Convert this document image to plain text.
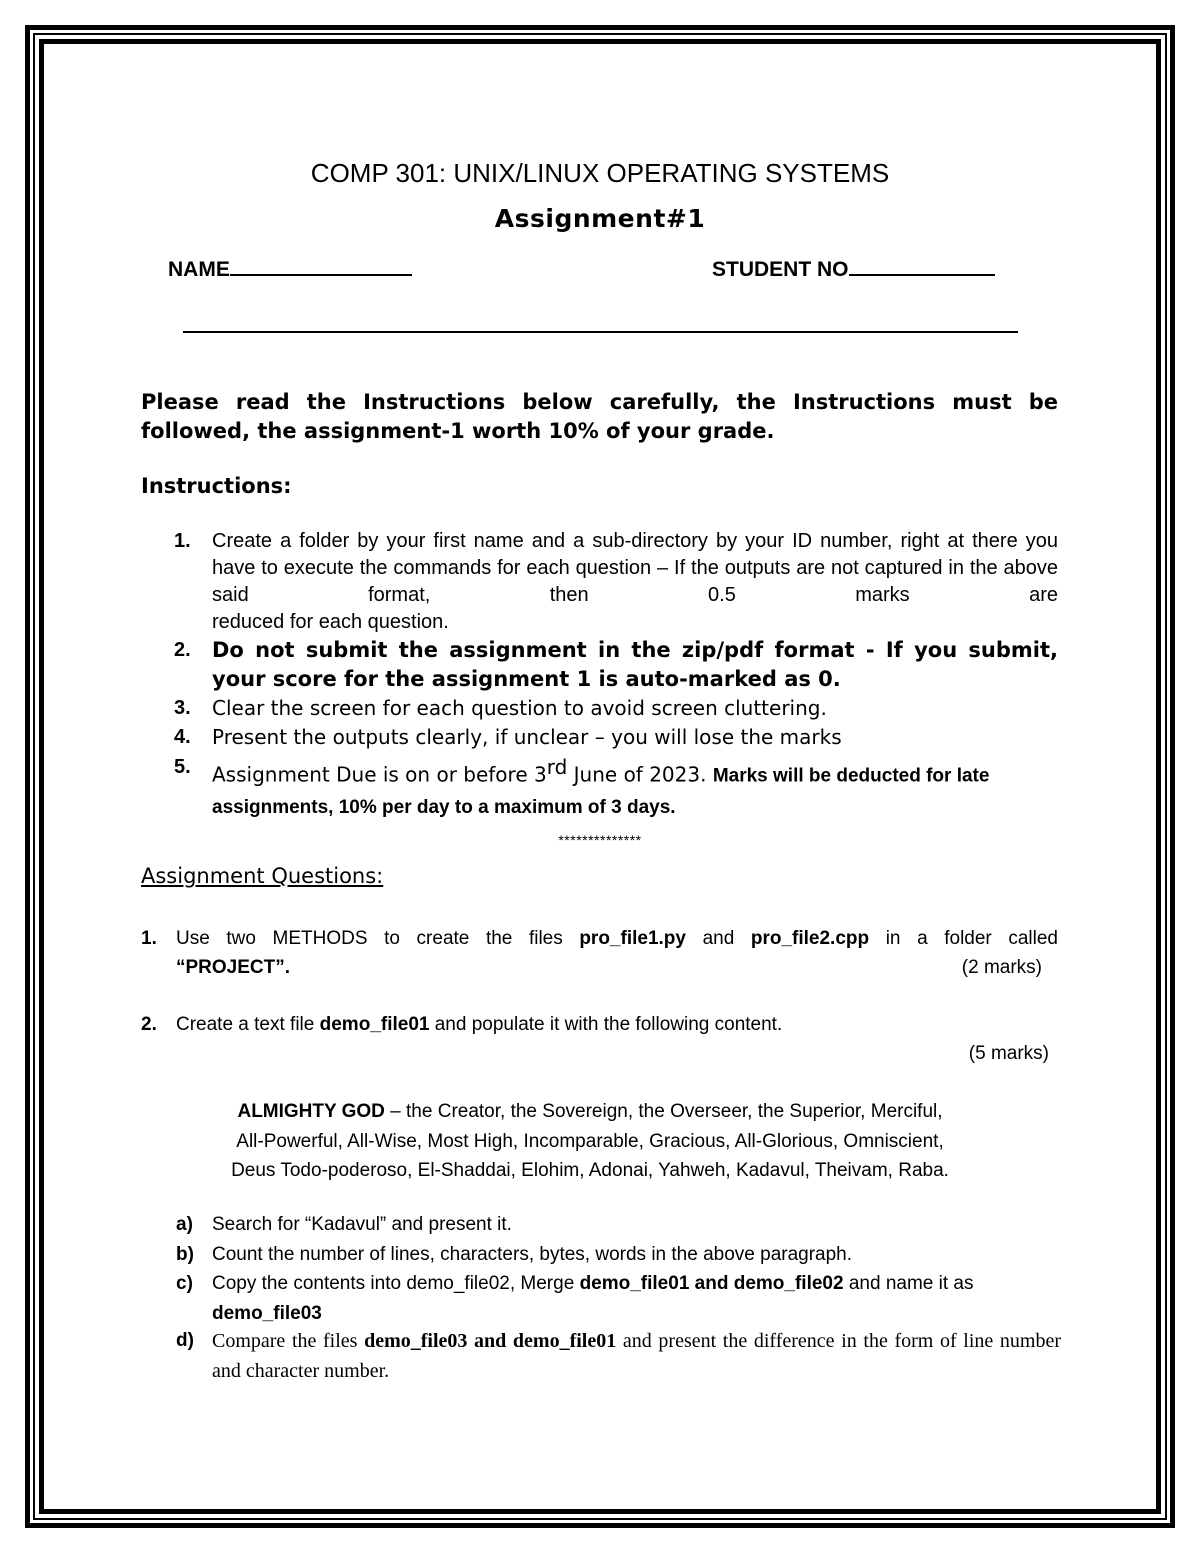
COMP 301: UNIX/LINUX OPERATING SYSTEMS
Assignment#1
NAME	STUDENT NO
Please read the Instructions below carefully, the Instructions must be followed, the assignment-1 worth 10% of your grade.
Instructions:
1. Create a folder by your first name and a sub-directory by your ID number, right at there you have to execute the commands for each question – If the outputs are not captured in the above said format, then 0.5 marks are
reduced for each question.
2. Do not submit the assignment in the zip/pdf format - If you submit, your score for the assignment 1 is auto-marked as 0.
3. Clear the screen for each question to avoid screen cluttering.
4. Present the outputs clearly, if unclear – you will lose the marks
5. Assignment Due is on or before 3rd June of 2023. Marks will be deducted for late assignments, 10% per day to a maximum of 3 days.
**************
Assignment Questions:
1. Use two METHODS to create the files pro_file1.py and pro_file2.cpp in a folder called
“PROJECT”.	(2 marks)
2. Create a text file demo_file01 and populate it with the following content.
(5 marks)
ALMIGHTY GOD – the Creator, the Sovereign, the Overseer, the Superior, Merciful,
All-Powerful, All-Wise, Most High, Incomparable, Gracious, All-Glorious, Omniscient,
Deus Todo-poderoso, El-Shaddai, Elohim, Adonai, Yahweh, Kadavul, Theivam, Raba.
a) Search for “Kadavul” and present it.
b) Count the number of lines, characters, bytes, words in the above paragraph.
c) Copy the contents into demo_file02, Merge demo_file01 and demo_file02 and name it as demo_file03
d) Compare the files demo_file03 and demo_file01 and present the difference in the form of line number and character number.
